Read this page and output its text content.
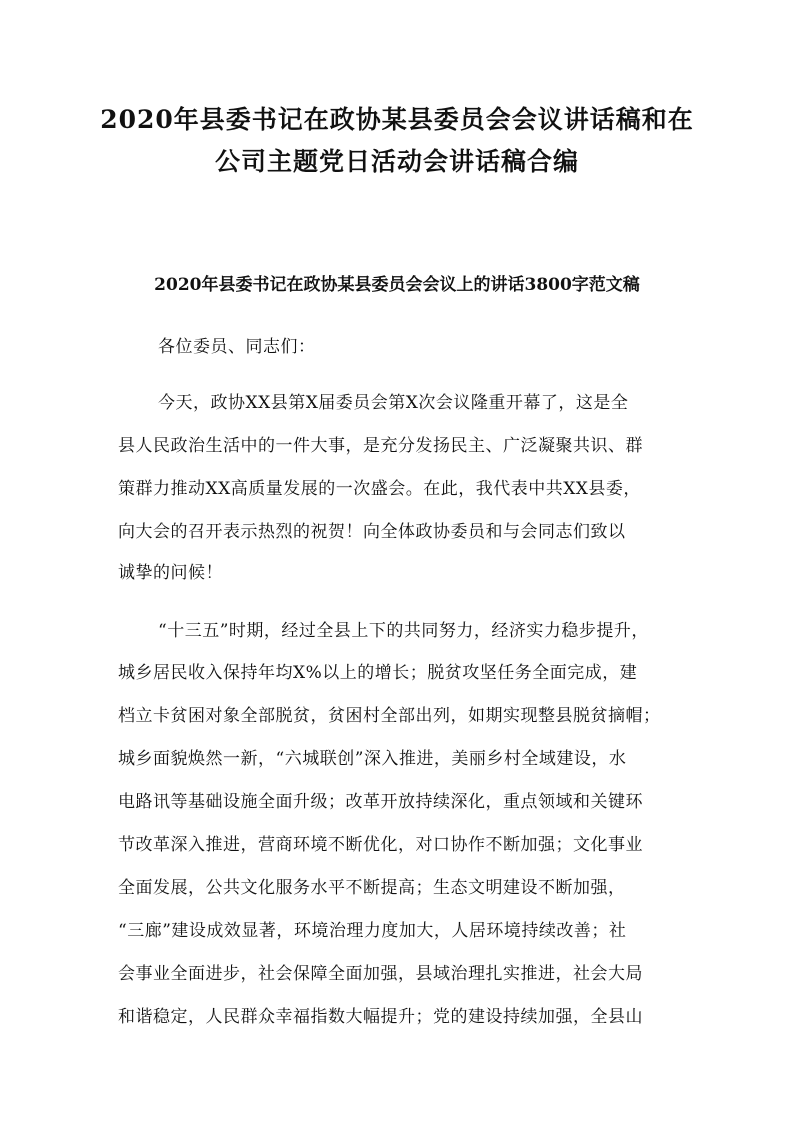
2020年县委书记在政协某县委员会会议讲话稿和在
公司主题党日活动会讲话稿合编
2020年县委书记在政协某县委员会会议上的讲话3800字范文稿
各位委员、同志们：
今天，政协XX县第X届委员会第X次会议隆重开幕了，这是全
县人民政治生活中的一件大事，是充分发扬民主、广泛凝聚共识、群
策群力推动XX高质量发展的一次盛会。在此，我代表中共XX县委，
向大会的召开表示热烈的祝贺！向全体政协委员和与会同志们致以
诚挚的问候！
“十三五”时期，经过全县上下的共同努力，经济实力稳步提升，
城乡居民收入保持年均X%以上的增长；脱贫攻坚任务全面完成，建
档立卡贫困对象全部脱贫，贫困村全部出列，如期实现整县脱贫摘帽；
城乡面貌焕然一新，“六城联创”深入推进，美丽乡村全域建设，水
电路讯等基础设施全面升级；改革开放持续深化，重点领域和关键环
节改革深入推进，营商环境不断优化，对口协作不断加强；文化事业
全面发展，公共文化服务水平不断提高；生态文明建设不断加强，
“三廊”建设成效显著，环境治理力度加大，人居环境持续改善；社
会事业全面进步，社会保障全面加强，县域治理扎实推进，社会大局
和谐稳定，人民群众幸福指数大幅提升；党的建设持续加强，全县山
